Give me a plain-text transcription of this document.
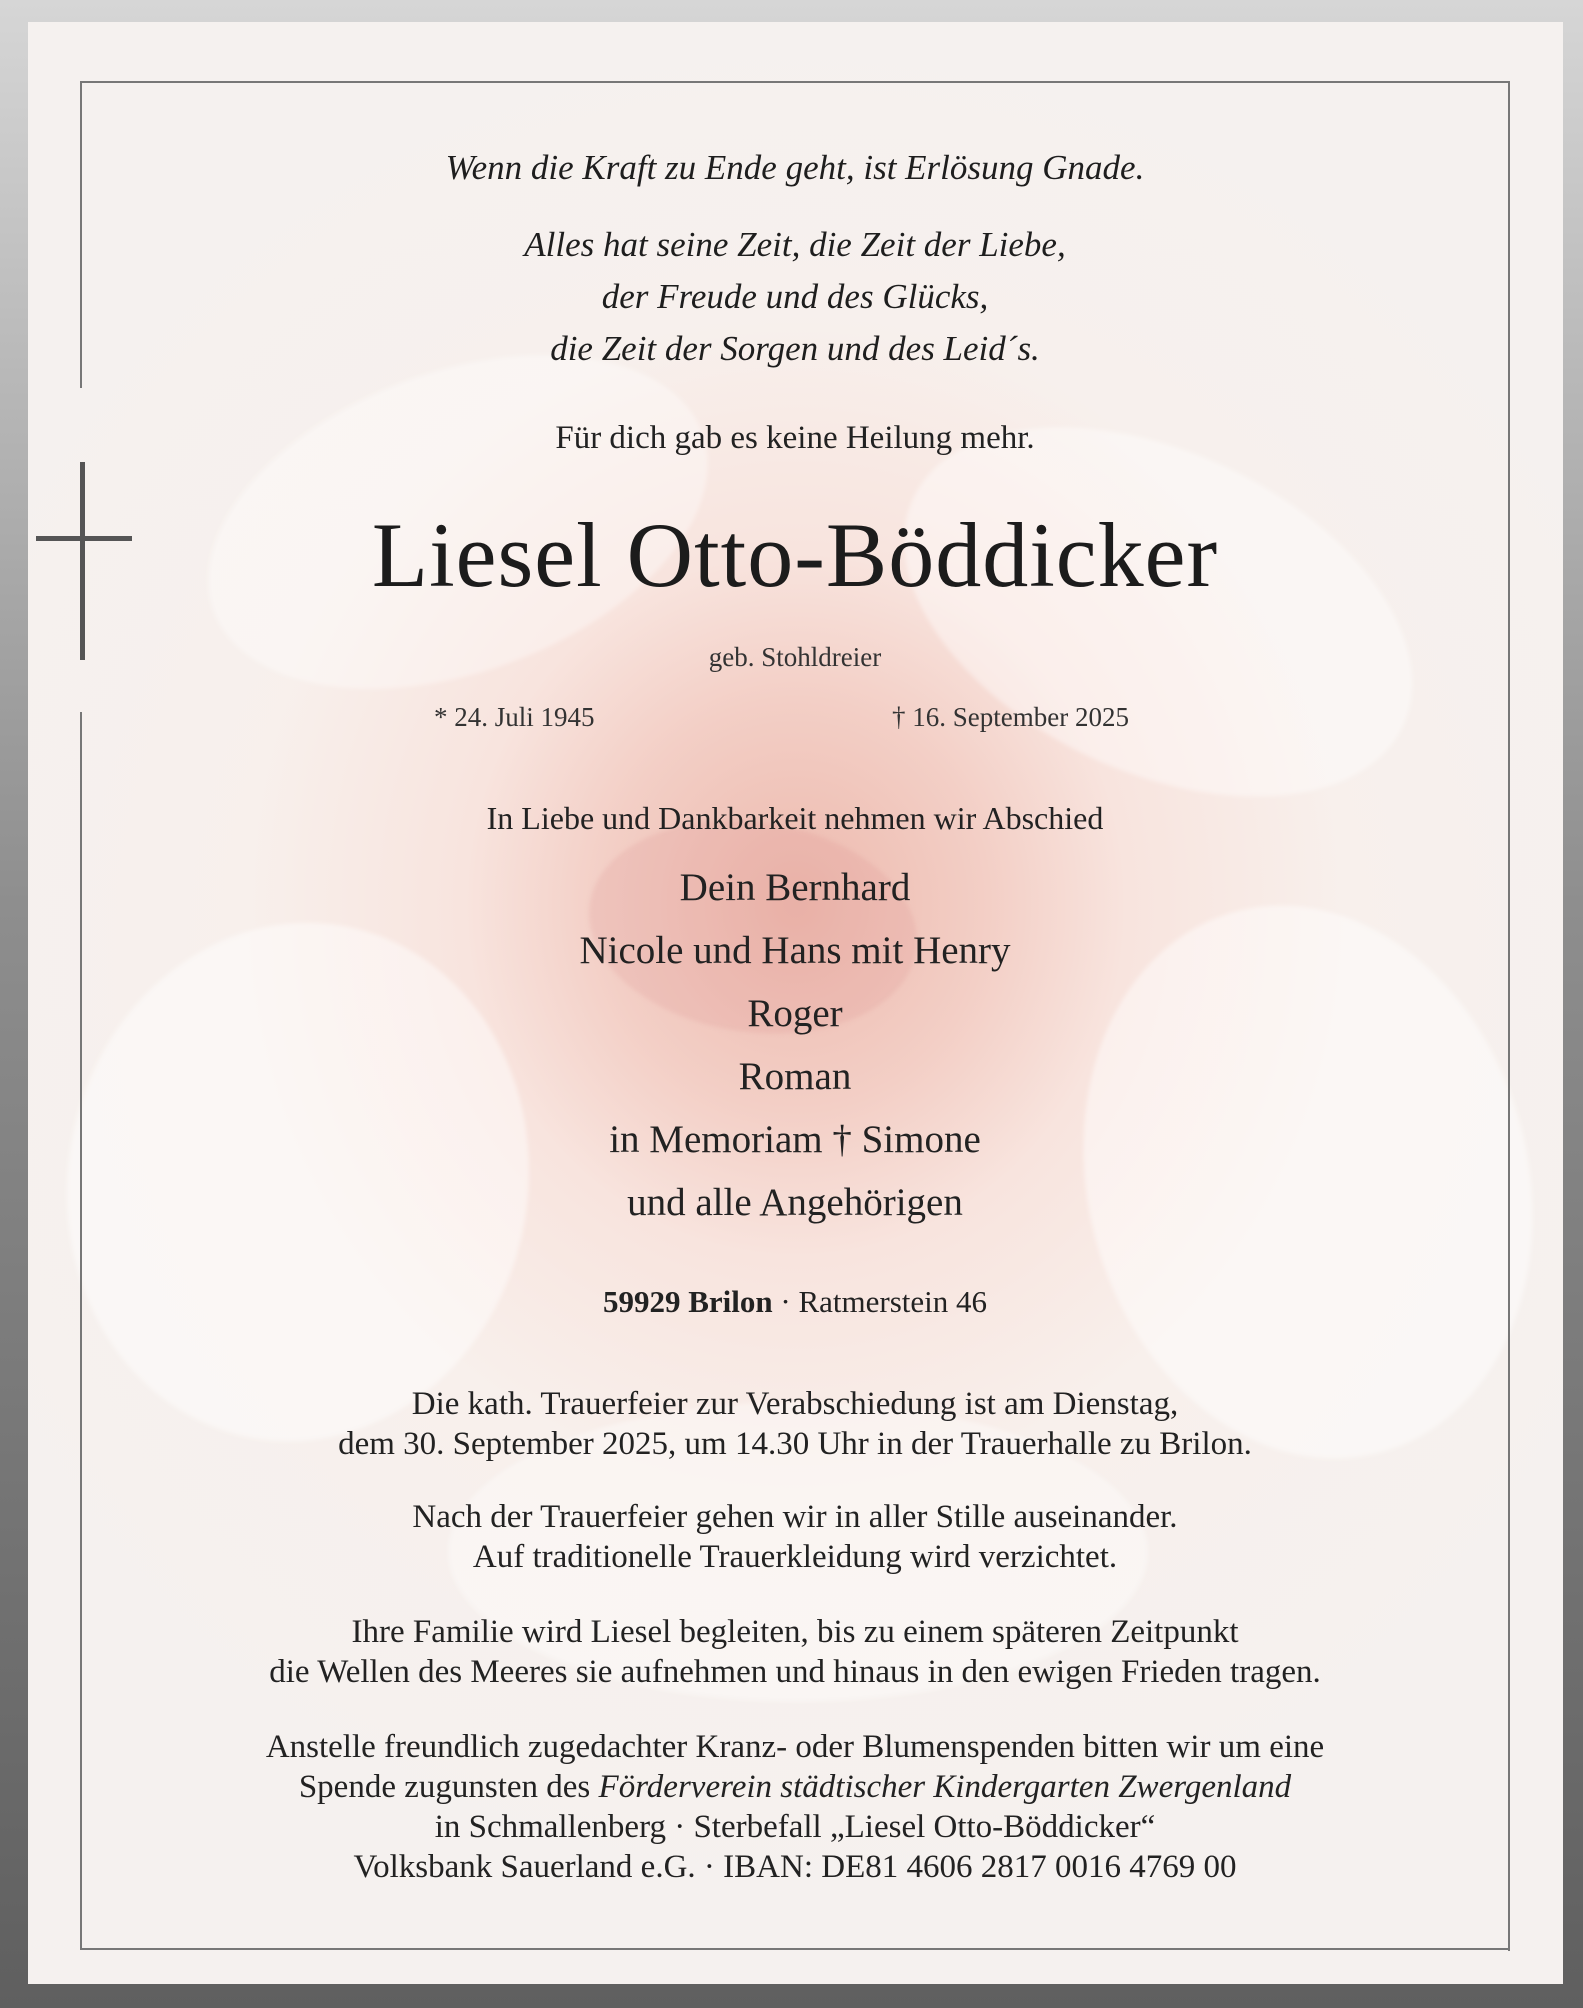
Wenn die Kraft zu Ende geht, ist Erlösung Gnade.
Alles hat seine Zeit, die Zeit der Liebe,
der Freude und des Glücks,
die Zeit der Sorgen und des Leid´s.
Für dich gab es keine Heilung mehr.
Liesel Otto-Böddicker
geb. Stohldreier
* 24. Juli 1945	† 16. September 2025
In Liebe und Dankbarkeit nehmen wir Abschied
Dein Bernhard
Nicole und Hans mit Henry
Roger
Roman
in Memoriam † Simone
und alle Angehörigen
59929 Brilon · Ratmerstein 46
Die kath. Trauerfeier zur Verabschiedung ist am Dienstag,
dem 30. September 2025, um 14.30 Uhr in der Trauerhalle zu Brilon.
Nach der Trauerfeier gehen wir in aller Stille auseinander.
Auf traditionelle Trauerkleidung wird verzichtet.
Ihre Familie wird Liesel begleiten, bis zu einem späteren Zeitpunkt
die Wellen des Meeres sie aufnehmen und hinaus in den ewigen Frieden tragen.
Anstelle freundlich zugedachter Kranz- oder Blumenspenden bitten wir um eine
Spende zugunsten des Förderverein städtischer Kindergarten Zwergenland
in Schmallenberg · Sterbefall „Liesel Otto-Böddicker“
Volksbank Sauerland e.G. · IBAN: DE81 4606 2817 0016 4769 00
